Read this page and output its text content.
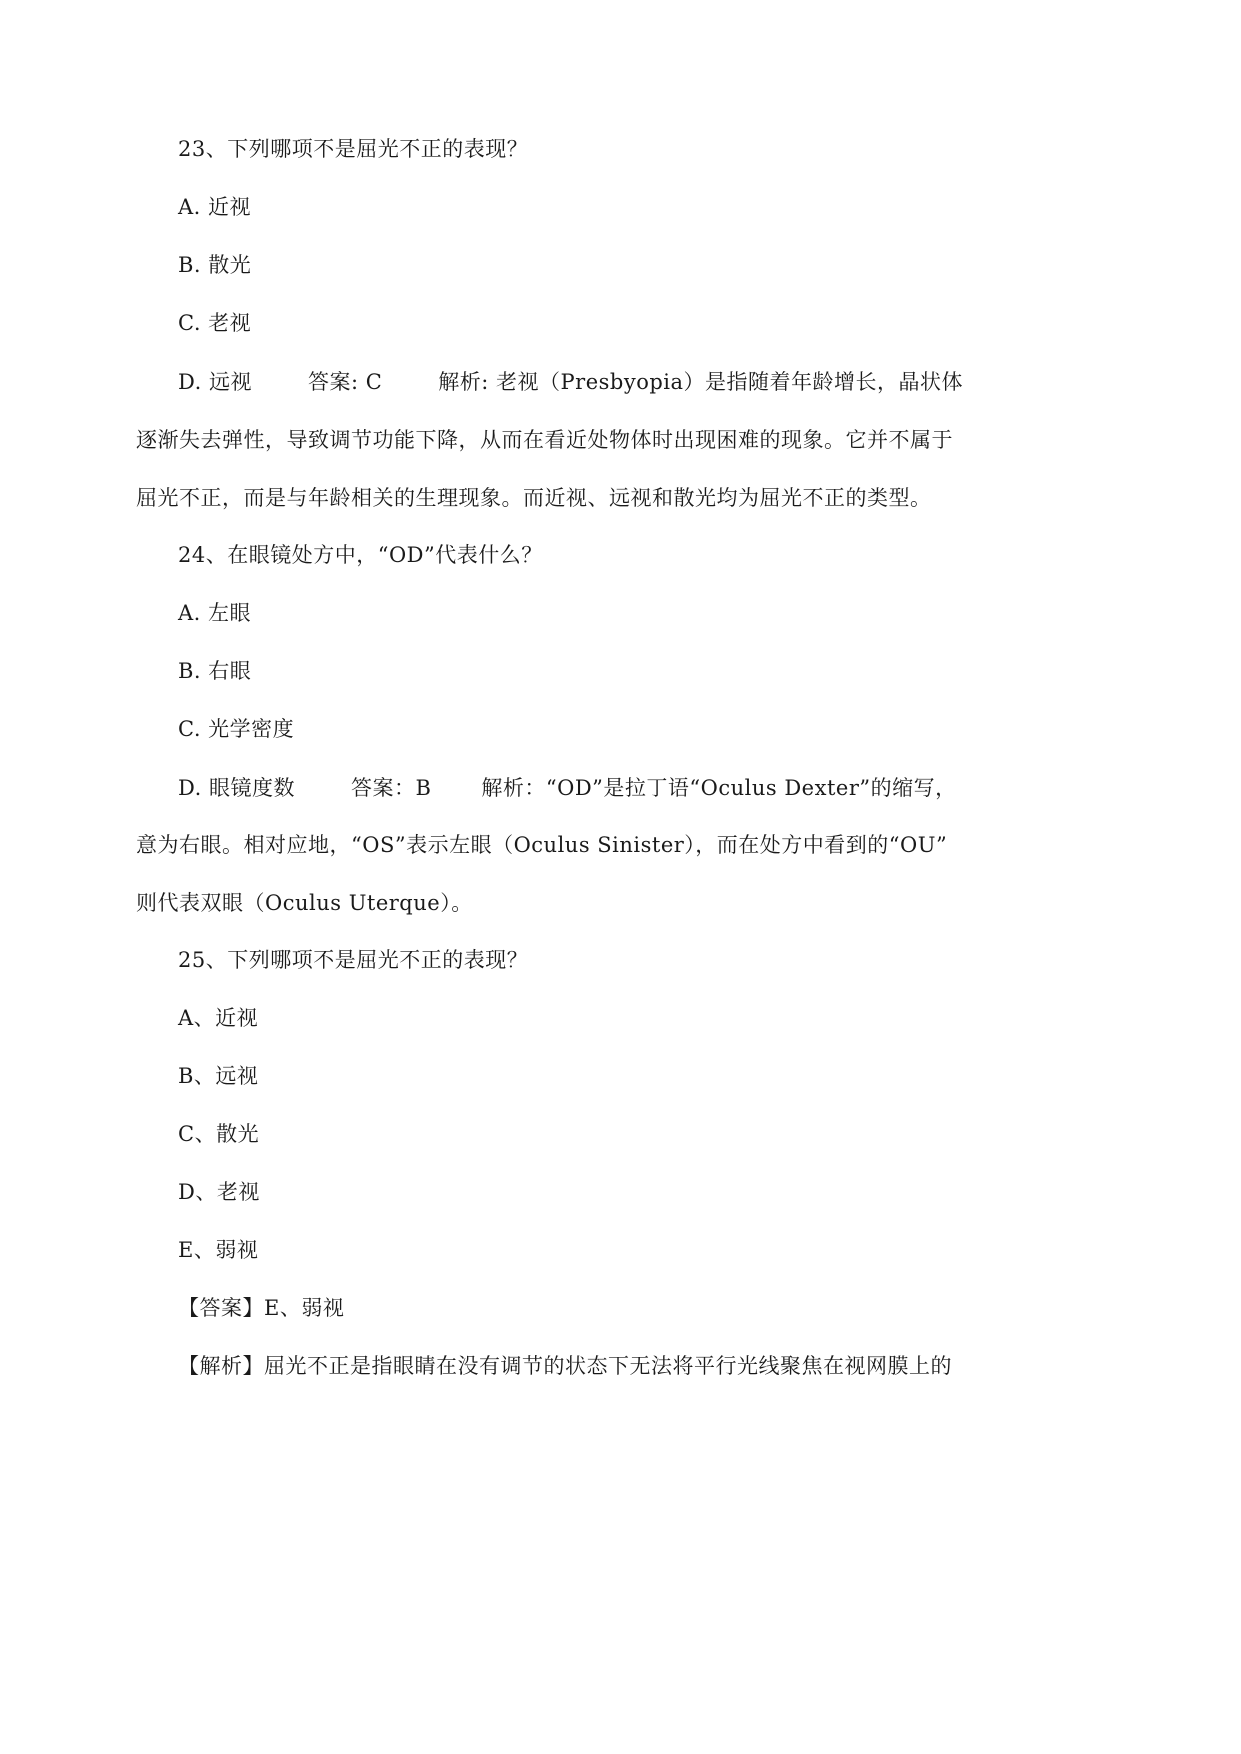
23、下列哪项不是屈光不正的表现？
A. 近视
B. 散光
C. 老视
D. 远视	答案: C	解析: 老视（Presbyopia）是指随着年龄增长，晶状体
逐渐失去弹性，导致调节功能下降，从而在看近处物体时出现困难的现象。它并不属于
屈光不正，而是与年龄相关的生理现象。而近视、远视和散光均为屈光不正的类型。
24、在眼镜处方中，“OD”代表什么？
A. 左眼
B. 右眼
C. 光学密度
D. 眼镜度数	答案：B 解析：“OD”是拉丁语“Oculus Dexter”的缩写，
意为右眼。相对应地，“OS”表示左眼（Oculus Sinister），而在处方中看到的“OU”
则代表双眼（Oculus Uterque）。
25、下列哪项不是屈光不正的表现？
A、近视
B、远视
C、散光
D、老视
E、弱视
【答案】E、弱视
【解析】屈光不正是指眼睛在没有调节的状态下无法将平行光线聚焦在视网膜上的
